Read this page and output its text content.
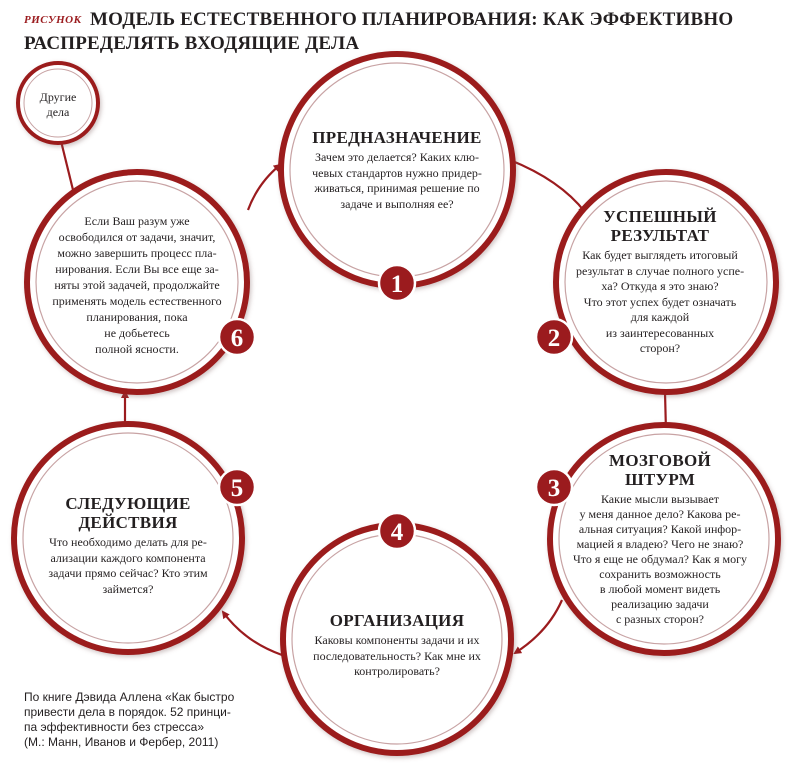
РИСУНОК МОДЕЛЬ ЕСТЕСТВЕННОГО ПЛАНИРОВАНИЯ: КАК ЭФФЕКТИВНО РАСПРЕДЕЛЯТЬ ВХОДЯЩИЕ ДЕЛА
1
2
3
4
5
6
ПРЕДНАЗНАЧЕНИЕ
Зачем это делается? Каких клю-
чевых стандартов нужно придер-
живаться, принимая решение по
задаче и выполняя ее?
УСПЕШНЫЙ
РЕЗУЛЬТАТ
Как будет выглядеть итоговый
результат в случае полного успе-
ха? Откуда я это знаю?
Что этот успех будет означать
для каждой
из заинтересованных
сторон?
МОЗГОВОЙ
ШТУРМ
Какие мысли вызывает
у меня данное дело? Какова ре-
альная ситуация? Какой инфор-
мацией я владею? Чего не знаю?
Что я еще не обдумал? Как я могу
сохранить возможность
в любой момент видеть
реализацию задачи
с разных сторон?
ОРГАНИЗАЦИЯ
Каковы компоненты задачи и их
последовательность? Как мне их
контролировать?
СЛЕДУЮЩИЕ
ДЕЙСТВИЯ
Что необходимо делать для ре-
ализации каждого компонента
задачи прямо сейчас? Кто этим
займется?
Если Ваш разум уже
освободился от задачи, значит,
можно завершить процесс пла-
нирования. Если Вы все еще за-
няты этой задачей, продолжайте
применять модель естественного
планирования, пока
не добьетесь
полной ясности.
Другие
дела
По книге Дэвида Аллена «Как быстро
привести дела в порядок. 52 принци-
па эффективности без стресса»
(М.: Манн, Иванов и Фербер, 2011)
